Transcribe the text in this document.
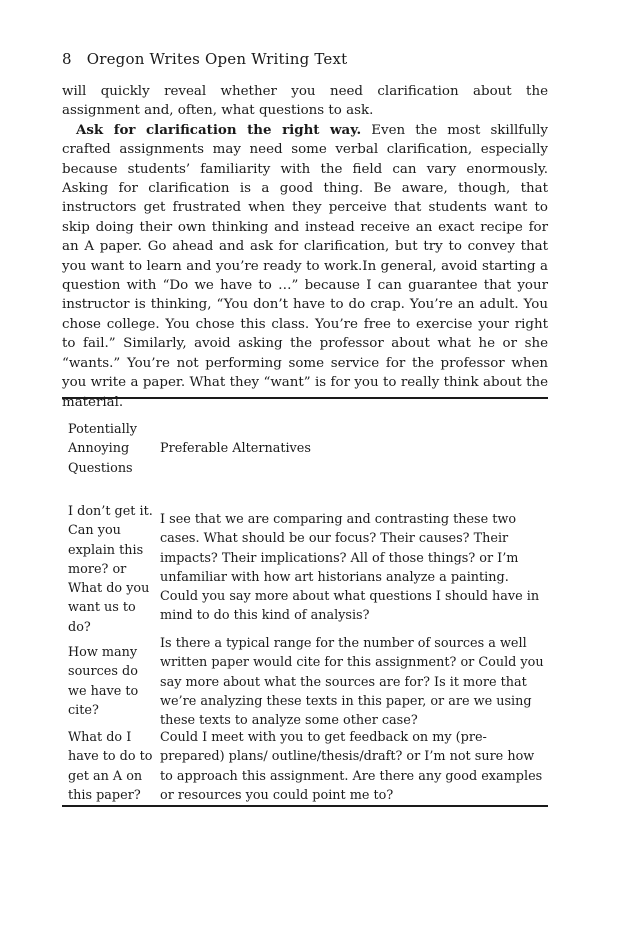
8 Oregon Writes Open Writing Text

will quickly reveal whether you need clarification about the assignment and, often, what questions to ask.

Ask for clarification the right way. Even the most skillfully crafted assignments may need some verbal clarification, especially because students’ familiarity with the field can vary enormously. Asking for clarification is a good thing. Be aware, though, that instructors get frustrated when they perceive that students want to skip doing their own thinking and instead receive an exact recipe for an A paper. Go ahead and ask for clarification, but try to convey that you want to learn and you’re ready to work.In general, avoid starting a question with “Do we have to …” because I can guarantee that your instructor is thinking, “You don’t have to do crap. You’re an adult. You chose college. You chose this class. You’re free to exercise your right to fail.” Similarly, avoid asking the professor about what he or she “wants.” You’re not performing some service for the professor when you write a paper. What they “want” is for you to really think about the material.

Potentially Annoying Questions
Preferable Alternatives
I don’t get it. Can you explain this more? or What do you want us to do?
I see that we are comparing and contrasting these two cases. What should be our focus? Their causes? Their impacts? Their implications? All of those things? or I’m unfamiliar with how art historians analyze a painting. Could you say more about what questions I should have in mind to do this kind of analysis?
How many sources do we have to cite?
Is there a typical range for the number of sources a well written paper would cite for this assignment? or Could you say more about what the sources are for? Is it more that we’re analyzing these texts in this paper, or are we using these texts to analyze some other case?
What do I have to do to get an A on this paper?
Could I meet with you to get feedback on my (pre-prepared) plans/ outline/thesis/draft? or I’m not sure how to approach this assignment. Are there any good examples or resources you could point me to?
